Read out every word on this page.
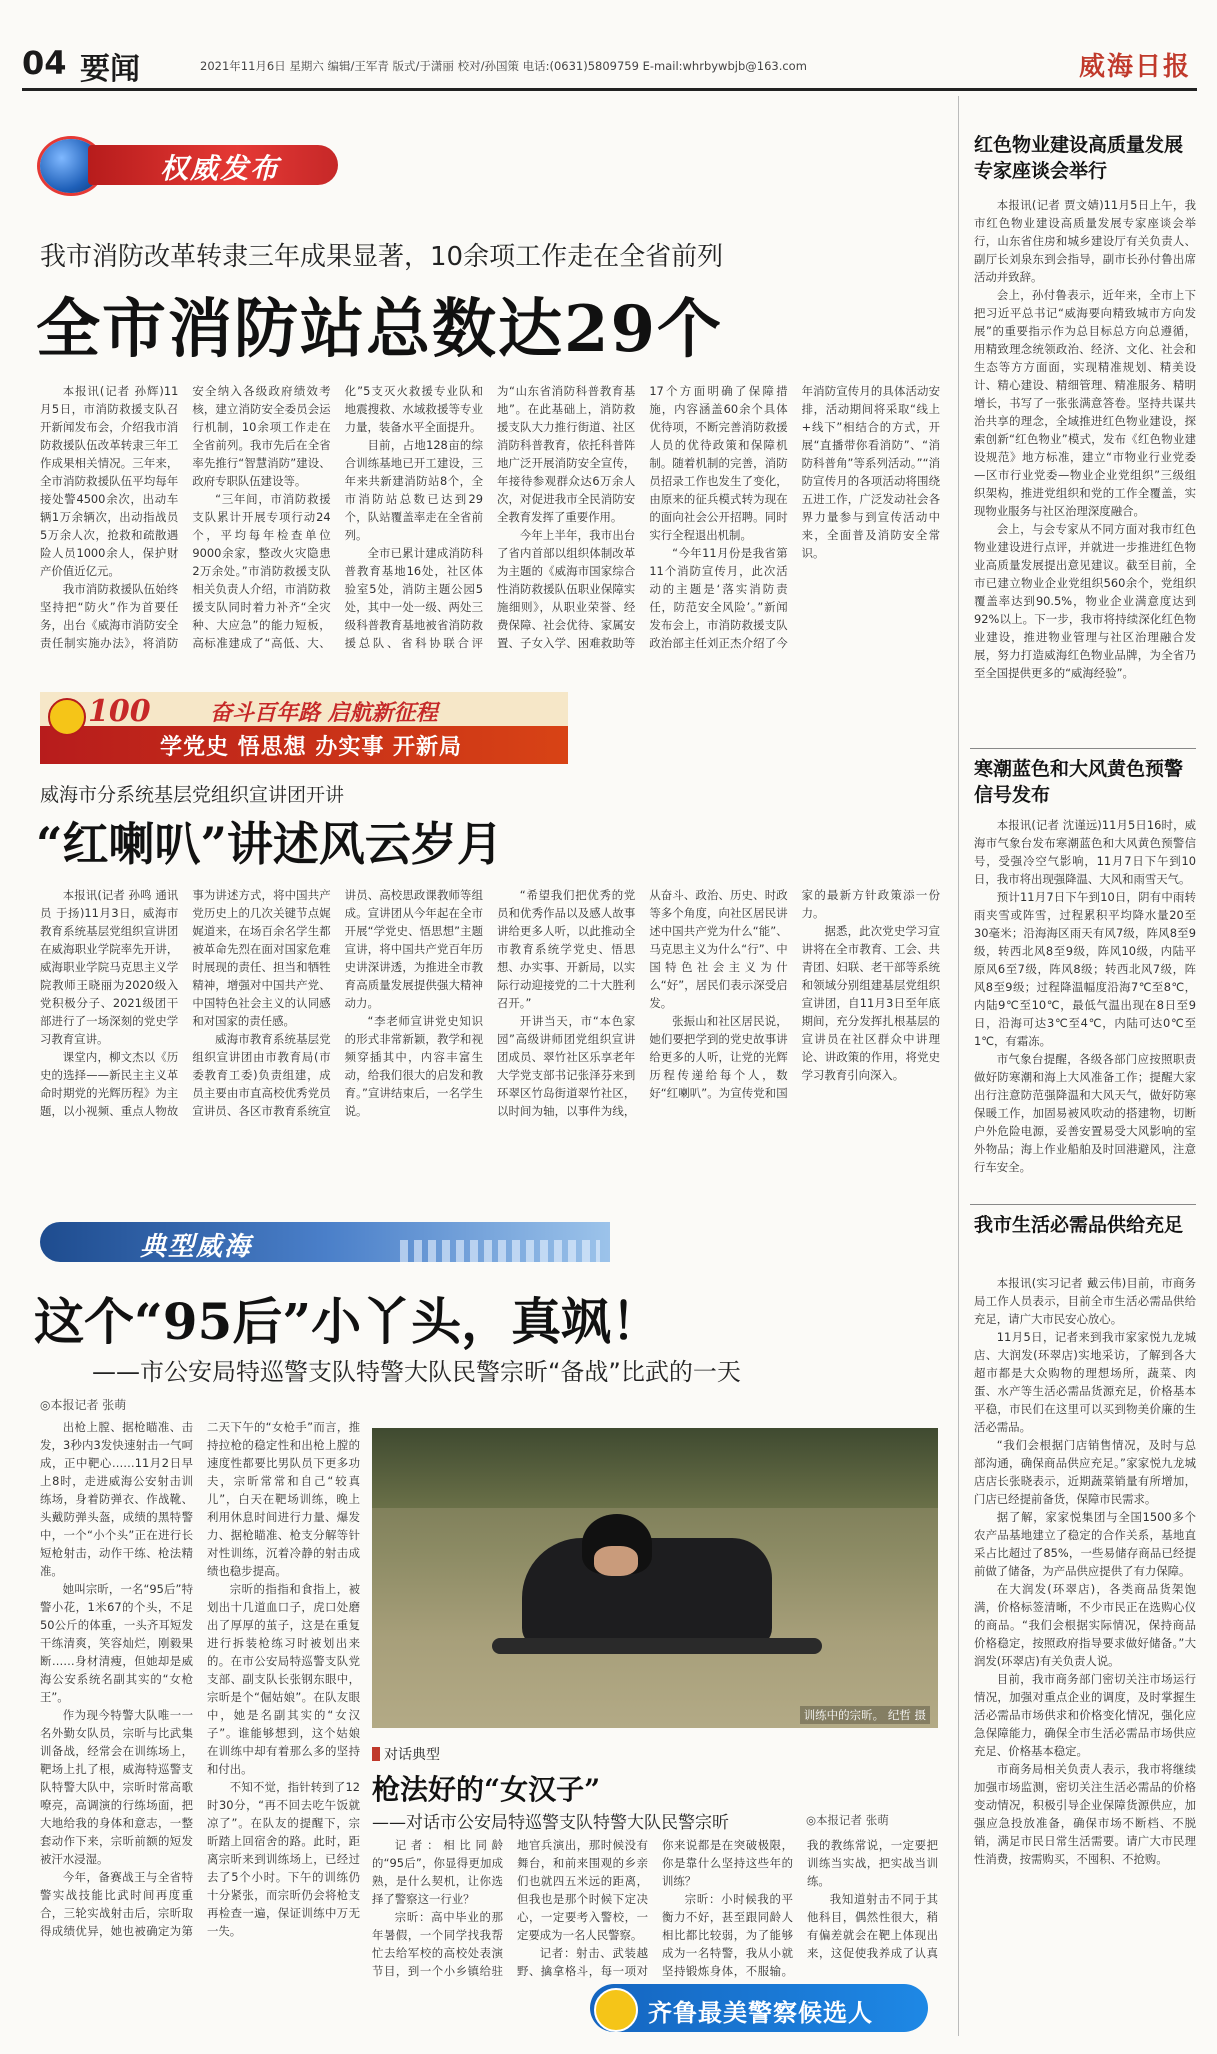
04 要闻	2021年11月6日 星期六 编辑/王军青 版式/于潇丽 校对/孙国策 电话:(0631)5809759 E-mail:whrbywbjb@163.com	威海日报
权威发布
我市消防改革转隶三年成果显著，10余项工作走在全省前列
全市消防站总数达29个

本报讯(记者 孙辉)11月5日，市消防救援支队召开新闻发布会，介绍我市消防救援队伍改革转隶三年工作成果相关情况。三年来，全市消防救援队伍平均每年接处警4500余次，出动车辆1万余辆次，出动指战员5万余人次，抢救和疏散遇险人员1000余人，保护财产价值近亿元。

我市消防救援队伍始终坚持把“防火”作为首要任务，出台《威海市消防安全责任制实施办法》，将消防安全纳入各级政府绩效考核，建立消防安全委员会运行机制，10余项工作走在全省前列。我市先后在全省率先推行“智慧消防”建设、政府专职队伍建设等。

“三年间，市消防救援支队累计开展专项行动24个，平均每年检查单位9000余家，整改火灾隐患2万余处。”市消防救援支队相关负责人介绍，市消防救援支队同时着力补齐“全灾种、大应急”的能力短板，高标准建成了“高低、大、化”5支灭火救援专业队和地震搜救、水域救援等专业力量，装备水平全面提升。

目前，占地128亩的综合训练基地已开工建设，三年来共新建消防站8个，全市消防站总数已达到29个，队站覆盖率走在全省前列。

全市已累计建成消防科普教育基地16处，社区体验室5处，消防主题公园5处，其中一处一级、两处三级科普教育基地被省消防救援总队、省科协联合评为“山东省消防科普教育基地”。在此基础上，消防救援支队大力推行街道、社区消防科普教育，依托科普阵地广泛开展消防安全宣传，年接待参观群众达6万余人次，对促进我市全民消防安全教育发挥了重要作用。

今年上半年，我市出台了省内首部以组织体制改革为主题的《威海市国家综合性消防救援队伍职业保障实施细则》，从职业荣誉、经费保障、社会优待、家属安置、子女入学、困难救助等17个方面明确了保障措施，内容涵盖60余个具体优待项，不断完善消防救援人员的优待政策和保障机制。随着机制的完善，消防员招录工作也发生了变化，由原来的征兵模式转为现在的面向社会公开招聘。同时实行全程退出机制。

“今年11月份是我省第11个消防宣传月，此次活动的主题是‘落实消防责任，防范安全风险’。”新闻发布会上，市消防救援支队政治部主任刘正杰介绍了今年消防宣传月的具体活动安排，活动期间将采取“线上+线下”相结合的方式，开展“直播带你看消防”、“消防科普角”等系列活动。”“消防宣传月的各项活动将围绕五进工作，广泛发动社会各界力量参与到宣传活动中来，全面普及消防安全常识。

100	奋斗百年路 启航新征程
学党史 悟思想 办实事 开新局
威海市分系统基层党组织宣讲团开讲
“红喇叭”讲述风云岁月

本报讯(记者 孙鸣 通讯员 于扬)11月3日，威海市教育系统基层党组织宣讲团在威海职业学院率先开讲，威海职业学院马克思主义学院教师王晓丽为2020级入党积极分子、2021级团干部进行了一场深刻的党史学习教育宣讲。

课堂内，柳文杰以《历史的选择——新民主主义革命时期党的光辉历程》为主题，以小视频、重点人物故事为讲述方式，将中国共产党历史上的几次关键节点娓娓道来，在场百余名学生都被革命先烈在面对国家危难时展现的责任、担当和牺牲精神，增强对中国共产党、中国特色社会主义的认同感和对国家的责任感。

威海市教育系统基层党组织宣讲团由市教育局(市委教育工委)负责组建，成员主要由市直高校优秀党员宣讲员、各区市教育系统宣讲员、高校思政课教师等组成。宣讲团从今年起在全市开展“学党史、悟思想”主题宣讲，将中国共产党百年历史讲深讲透，为推进全市教育高质量发展提供强大精神动力。

“李老师宣讲党史知识的形式非常新颖，教学和视频穿插其中，内容丰富生动，给我们很大的启发和教育。”宣讲结束后，一名学生说。

“希望我们把优秀的党员和优秀作品以及感人故事讲给更多人听，以此推动全市教育系统学党史、悟思想、办实事、开新局，以实际行动迎接党的二十大胜利召开。”

开讲当天，市“本色家园”高级讲师团党组织宣讲团成员、翠竹社区乐享老年大学党支部书记张泽芬来到环翠区竹岛街道翠竹社区，以时间为轴，以事件为线，从奋斗、政治、历史、时政等多个角度，向社区居民讲述中国共产党为什么“能”、马克思主义为什么“行”、中国特色社会主义为什么“好”，居民们表示深受启发。

张振山和社区居民说，她们要把学到的党史故事讲给更多的人听，让党的光辉历程传递给每个人，数好“红喇叭”。为宣传党和国家的最新方针政策添一份力。

据悉，此次党史学习宣讲将在全市教育、工会、共青团、妇联、老干部等系统和领域分别组建基层党组织宣讲团，自11月3日至年底期间，充分发挥扎根基层的宣讲员在社区群众中讲理论、讲政策的作用，将党史学习教育引向深入。

典型威海
这个“95后”小丫头，真飒！
——市公安局特巡警支队特警大队民警宗昕“备战”比武的一天
◎本报记者 张萌

出枪上膛、据枪瞄准、击发，3秒内3发快速射击一气呵成，正中靶心……11月2日早上8时，走进威海公安射击训练场，身着防弹衣、作战靴、头戴防弹头盔，成绩的黑特警中，一个“小个头”正在进行长短枪射击，动作干练、枪法精准。

她叫宗昕，一名“95后”特警小花，1米67的个头，不足50公斤的体重，一头齐耳短发干练清爽，笑容灿烂，刚毅果断……身材清瘦，但她却是威海公安系统名副其实的“女枪王”。

作为现今特警大队唯一一名外勤女队员，宗昕与比武集训备战，经常会在训练场上，靶场上扎了根，威海特巡警支队特警大队中，宗昕时常高歌嘹亮，高调演的行练场面，把大地给我的身体和意志，一整套动作下来，宗昕前额的短发被汗水浸湿。

今年，备赛战王与全省特警实战技能比武时间再度重合，三轮实战射击后，宗昕取得成绩优异，她也被确定为第二天下午的“女枪手”而言，推持拉枪的稳定性和出枪上膛的速度性都要比男队员下更多功夫，宗昕常常和自己“较真儿”，白天在靶场训练，晚上利用休息时间进行力量、爆发力、据枪瞄准、枪支分解等针对性训练，沉着冷静的射击成绩也稳步提高。

宗昕的指指和食指上，被划出十几道血口子，虎口处磨出了厚厚的茧子，这是在重复进行拆装枪练习时被划出来的。在市公安局特巡警支队党支部、副支队长张钢东眼中，宗昕是个“倔姑娘”。在队友眼中，她是名副其实的“女汉子”。谁能够想到，这个姑娘在训练中却有着那么多的坚持和付出。

不知不觉，指针转到了12时30分，“再不回去吃午饭就凉了”。在队友的提醒下，宗昕踏上回宿舍的路。此时，距离宗昕来到训练场上，已经过去了5个小时。下午的训练仍十分紧张，而宗昕仍会将枪支再检查一遍，保证训练中万无一失。

训练中的宗昕。 纪哲 摄
对话典型
枪法好的“女汉子”
——对话市公安局特巡警支队特警大队民警宗昕	◎本报记者 张萌

记者：相比同龄的“95后”，你显得更加成熟，是什么契机，让你选择了警察这一行业？

宗昕：高中毕业的那年暑假，一个同学找我帮忙去给军校的高校处表演节目，到一个小乡镇给驻地官兵演出，那时候没有舞台，和前来围观的乡亲们也就四五米远的距离，但我也是那个时候下定决心，一定要考入警校，一定要成为一名人民警察。

记者：射击、武装越野、擒拿格斗，每一项对你来说都是在突破极限，你是靠什么坚持这些年的训练？

宗昕：小时候我的平衡力不好，甚至跟同龄人相比都比较弱，为了能够成为一名特警，我从小就坚持锻炼身体，不服输。我的教练常说，一定要把训练当实战，把实战当训练。

我知道射击不同于其他科目，偶然性很大，稍有偏差就会在靶上体现出来，这促使我养成了认真

齐鲁最美警察候选人
红色物业建设高质量发展专家座谈会举行

本报讯(记者 贾文婧)11月5日上午，我市红色物业建设高质量发展专家座谈会举行，山东省住房和城乡建设厅有关负责人、副厅长刘泉东到会指导，副市长孙付鲁出席活动并致辞。

会上，孙付鲁表示，近年来，全市上下把习近平总书记“威海要向精致城市方向发展”的重要指示作为总目标总方向总遵循，用精致理念统领政治、经济、文化、社会和生态等方方面面，实现精准规划、精美设计、精心建设、精细管理、精准服务、精明增长，书写了一张张满意答卷。坚持共谋共治共享的理念，全域推进红色物业建设，探索创新“红色物业”模式，发布《红色物业建设规范》地方标准，建立“市物业行业党委—区市行业党委—物业企业党组织”三级组织架构，推进党组织和党的工作全覆盖，实现物业服务与社区治理深度融合。

会上，与会专家从不同方面对我市红色物业建设进行点评，并就进一步推进红色物业高质量发展提出意见建议。截至目前，全市已建立物业企业党组织560余个，党组织覆盖率达到90.5%，物业企业满意度达到92%以上。下一步，我市将持续深化红色物业建设，推进物业管理与社区治理融合发展，努力打造威海红色物业品牌，为全省乃至全国提供更多的“威海经验”。

寒潮蓝色和大风黄色预警信号发布

本报讯(记者 沈谨远)11月5日16时，威海市气象台发布寒潮蓝色和大风黄色预警信号，受强冷空气影响，11月7日下午到10日，我市将出现强降温、大风和雨雪天气。

预计11月7日下午到10日，阴有中雨转雨夹雪或阵雪，过程累积平均降水量20至30毫米；沿海海区雨天有风7级，阵风8至9级，转西北风8至9级，阵风10级，内陆平原风6至7级，阵风8级；转西北风7级，阵风8至9级；过程降温幅度沿海7℃至8℃，内陆9℃至10℃，最低气温出现在8日至9日，沿海可达3℃至4℃，内陆可达0℃至1℃，有霜冻。

市气象台提醒，各级各部门应按照职责做好防寒潮和海上大风准备工作；提醒大家出行注意防范强降温和大风天气，做好防寒保暖工作，加固易被风吹动的搭建物，切断户外危险电源，妥善安置易受大风影响的室外物品；海上作业船舶及时回港避风，注意行车安全。

我市生活必需品供给充足

本报讯(实习记者 戴云伟)目前，市商务局工作人员表示，目前全市生活必需品供给充足，请广大市民安心放心。

11月5日，记者来到我市家家悦九龙城店、大润发(环翠店)实地采访，了解到各大超市都是大众购物的理想场所，蔬菜、肉蛋、水产等生活必需品货源充足，价格基本平稳，市民们在这里可以买到物美价廉的生活必需品。

“我们会根据门店销售情况，及时与总部沟通，确保商品供应充足。”家家悦九龙城店店长张晓表示，近期蔬菜销量有所增加，门店已经提前备货，保障市民需求。

据了解，家家悦集团与全国1500多个农产品基地建立了稳定的合作关系，基地直采占比超过了85%，一些易储存商品已经提前做了储备，为产品供应提供了有力保障。

在大润发(环翠店)，各类商品货架饱满，价格标签清晰，不少市民正在选购心仪的商品。“我们会根据实际情况，保持商品价格稳定，按照政府指导要求做好储备。”大润发(环翠店)有关负责人说。

目前，我市商务部门密切关注市场运行情况，加强对重点企业的调度，及时掌握生活必需品市场供求和价格变化情况，强化应急保障能力，确保全市生活必需品市场供应充足、价格基本稳定。

市商务局相关负责人表示，我市将继续加强市场监测，密切关注生活必需品的价格变动情况，积极引导企业保障货源供应，加强应急投放准备，确保市场不断档、不脱销，满足市民日常生活需要。请广大市民理性消费，按需购买，不囤积、不抢购。
